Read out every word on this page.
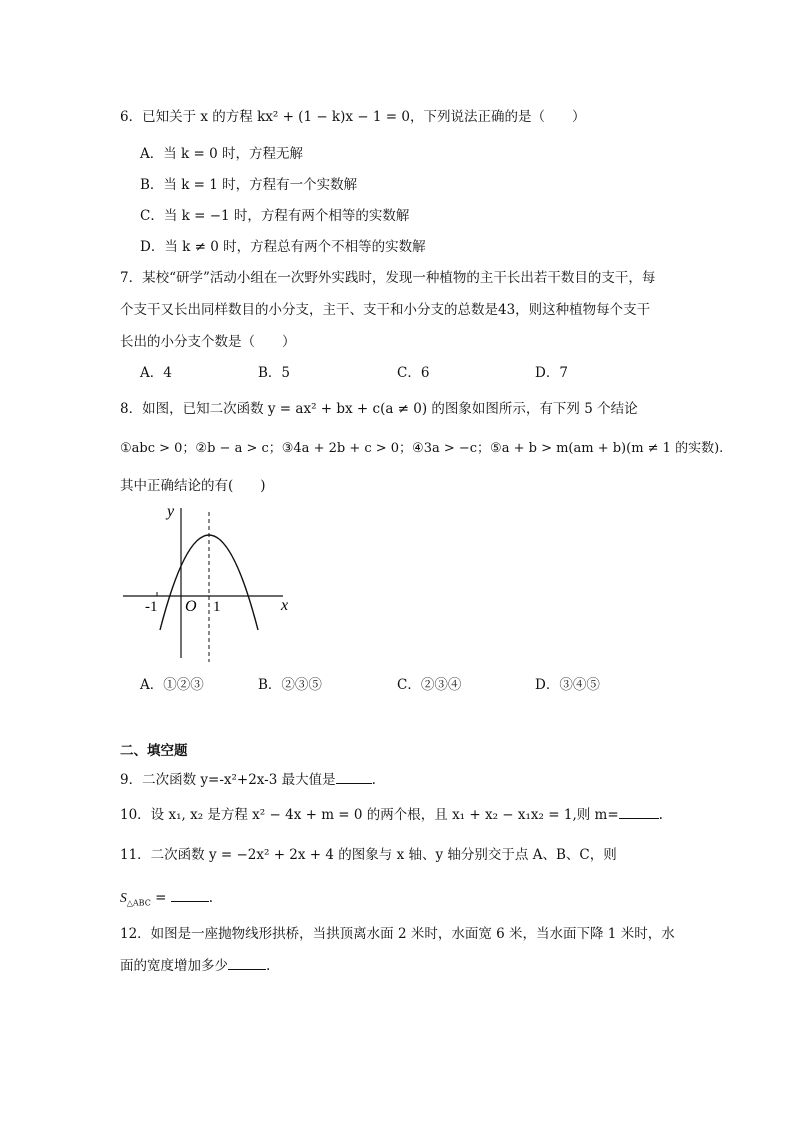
6．已知关于 x 的方程 kx² + (1 − k)x − 1 = 0，下列说法正确的是（　　）
A．当 k = 0 时，方程无解
B．当 k = 1 时，方程有一个实数解
C．当 k = −1 时，方程有两个相等的实数解
D．当 k ≠ 0 时，方程总有两个不相等的实数解
7．某校“研学”活动小组在一次野外实践时，发现一种植物的主干长出若干数目的支干，每
个支干又长出同样数目的小分支，主干、支干和小分支的总数是43，则这种植物每个支干
长出的小分支个数是（　　）
A．4	B．5	C．6	D．7
8．如图，已知二次函数 y = ax² + bx + c(a ≠ 0) 的图象如图所示，有下列 5 个结论
①abc > 0；②b − a > c；③4a + 2b + c > 0；④3a > −c；⑤a + b > m(am + b)(m ≠ 1 的实数).
其中正确结论的有(　　)
y
x
O
-1	1
A．①②③	B．②③⑤	C．②③④	D．③④⑤
二、填空题
9．二次函数 y=-x²+2x-3 最大值是	.
10．设 x₁, x₂ 是方程 x² − 4x + m = 0 的两个根，且 x₁ + x₂ − x₁x₂ = 1,则 m=	.
11．二次函数 y = −2x² + 2x + 4 的图象与 x 轴、y 轴分别交于点 A、B、C，则
$S_{\triangle ABC}$ =	.
12．如图是一座抛物线形拱桥，当拱顶离水面 2 米时，水面宽 6 米，当水面下降 1 米时，水
面的宽度增加多少	.
